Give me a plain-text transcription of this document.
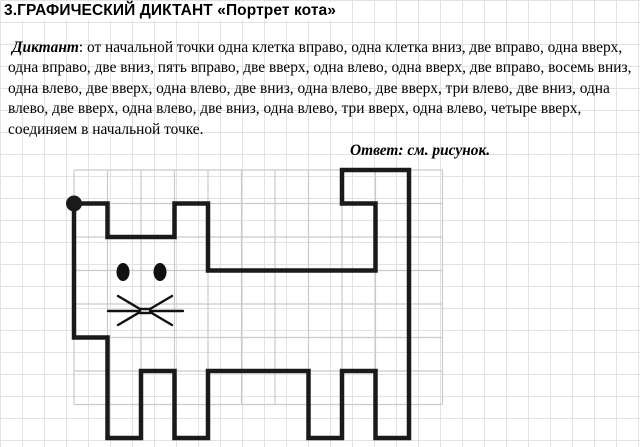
3.ГРАФИЧЕСКИЙ ДИКТАНТ «Портрет кота»

Диктант: от начальной точки одна клетка вправо, одна клетка вниз, две вправо, одна вверх, одна вправо, две вниз, пять вправо, две вверх, одна влево, одна вверх, две вправо, восемь вниз, одна влево, две вверх, одна влево, две вниз, одна влево, две вверх, три влево, две вниз, одна влево, две вверх, одна влево, две вниз, одна влево, три вверх, одна влево, четыре вверх, соединяем в начальной точке.

Ответ: см. рисунок.
